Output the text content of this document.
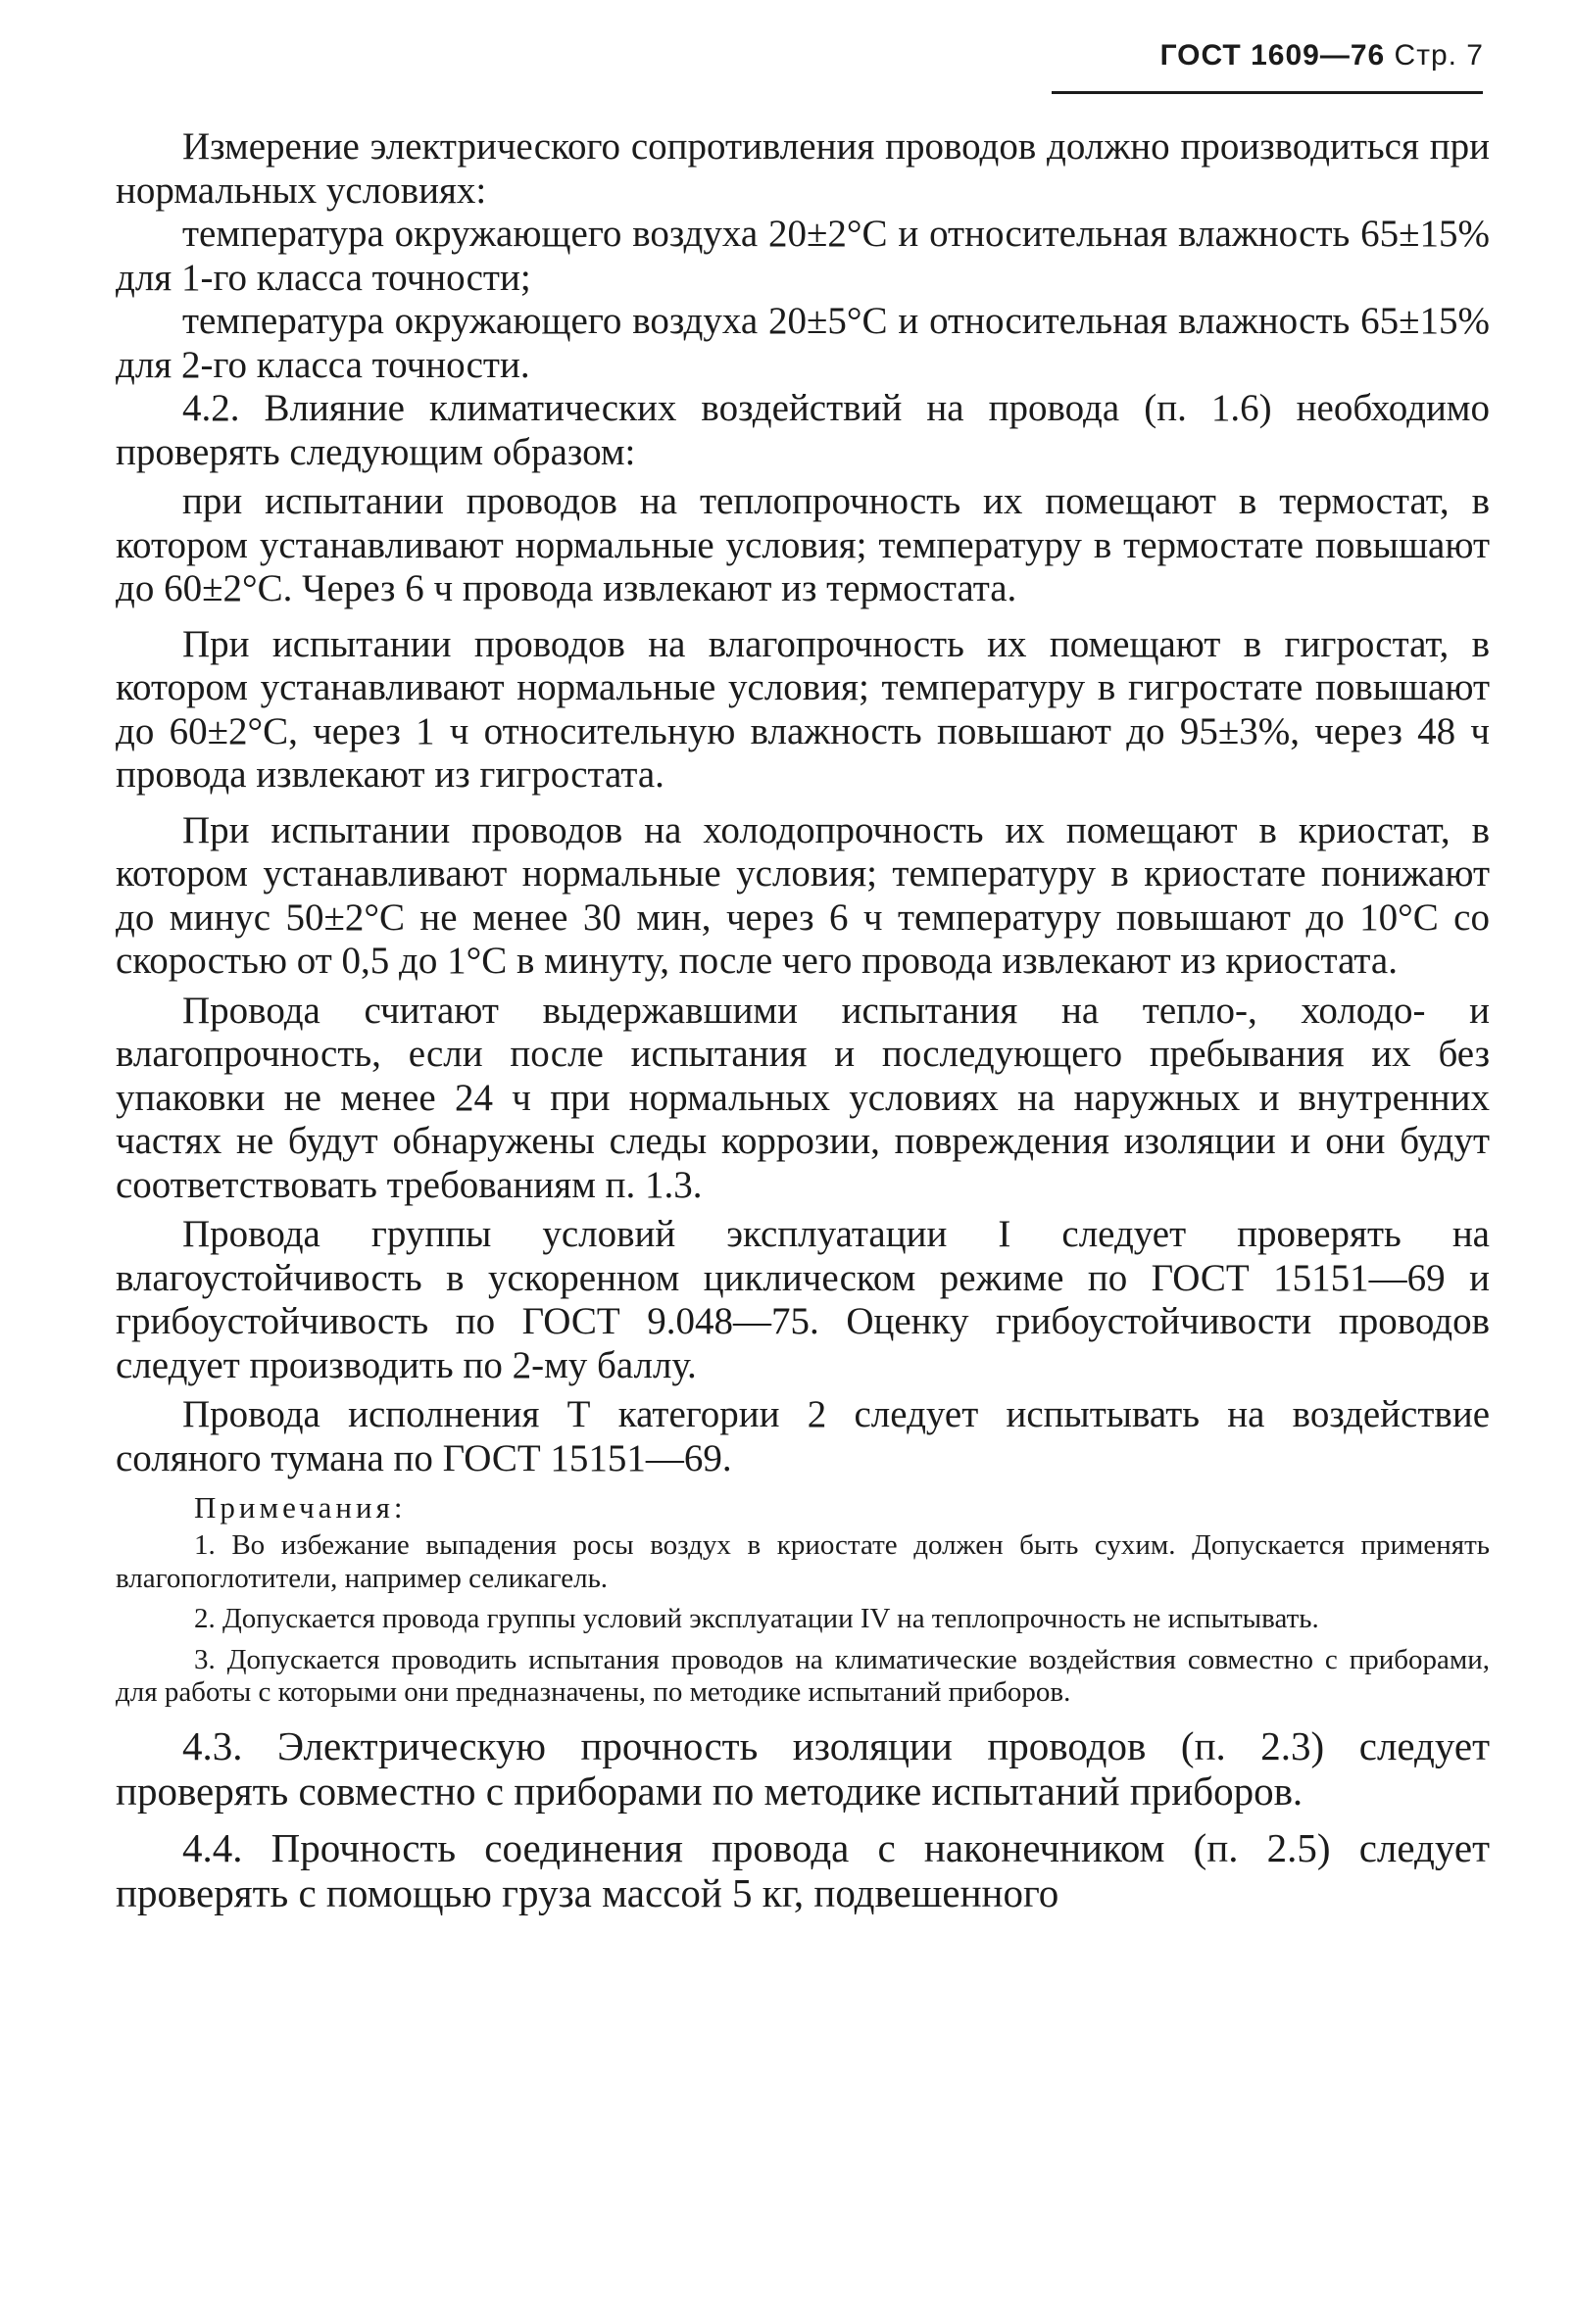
ГОСТ 1609—76 Стр. 7

Измерение электрического сопротивления проводов должно производиться при нормальных условиях:

температура окружающего воздуха 20±2°С и относительная влажность 65±15% для 1-го класса точности;

температура окружающего воздуха 20±5°С и относительная влажность 65±15% для 2-го класса точности.

4.2. Влияние климатических воздействий на провода (п. 1.6) необходимо проверять следующим образом:

при испытании проводов на теплопрочность их помещают в термостат, в котором устанавливают нормальные условия; температуру в термостате повышают до 60±2°С. Через 6 ч провода извлекают из термостата.

При испытании проводов на влагопрочность их помещают в гигростат, в котором устанавливают нормальные условия; температуру в гигростате повышают до 60±2°С, через 1 ч относительную влажность повышают до 95±3%, через 48 ч провода извлекают из гигростата.

При испытании проводов на холодопрочность их помещают в криостат, в котором устанавливают нормальные условия; температуру в криостате понижают до минус 50±2°С не менее 30 мин, через 6 ч температуру повышают до 10°С со скоростью от 0,5 до 1°С в минуту, после чего провода извлекают из криостата.

Провода считают выдержавшими испытания на тепло-, холодо- и влагопрочность, если после испытания и последующего пребывания их без упаковки не менее 24 ч при нормальных условиях на наружных и внутренних частях не будут обнаружены следы коррозии, повреждения изоляции и они будут соответствовать требованиям п. 1.3.

Провода группы условий эксплуатации I следует проверять на влагоустойчивость в ускоренном циклическом режиме по ГОСТ 15151—69 и грибоустойчивость по ГОСТ 9.048—75. Оценку грибоустойчивости проводов следует производить по 2-му баллу.

Провода исполнения Т категории 2 следует испытывать на воздействие соляного тумана по ГОСТ 15151—69.

Примечания:

1. Во избежание выпадения росы воздух в криостате должен быть сухим. Допускается применять влагопоглотители, например селикагель.

2. Допускается провода группы условий эксплуатации IV на теплопрочность не испытывать.

3. Допускается проводить испытания проводов на климатические воздействия совместно с приборами, для работы с которыми они предназначены, по методике испытаний приборов.

4.3. Электрическую прочность изоляции проводов (п. 2.3) следует проверять совместно с приборами по методике испытаний приборов.

4.4. Прочность соединения провода с наконечником (п. 2.5) следует проверять с помощью груза массой 5 кг, подвешенного
